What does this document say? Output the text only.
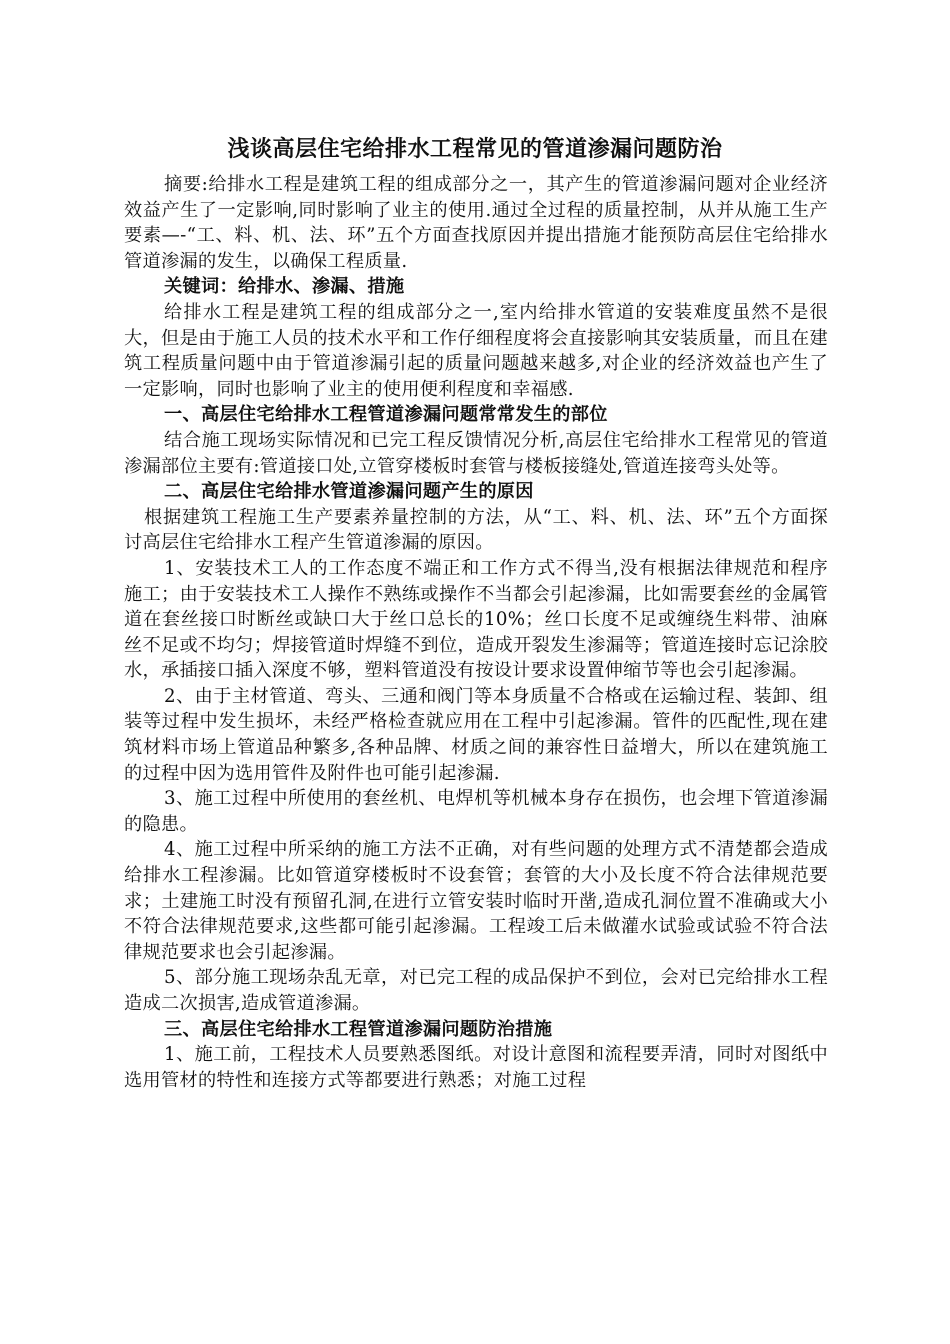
浅谈高层住宅给排水工程常见的管道渗漏问题防治

摘要:给排水工程是建筑工程的组成部分之一，其产生的管道渗漏问题对企业经济效益产生了一定影响,同时影响了业主的使用.通过全过程的质量控制，从并从施工生产要素—-“工、料、机、法、环”五个方面查找原因并提出措施才能预防高层住宅给排水管道渗漏的发生，以确保工程质量.

关键词：给排水、渗漏、措施

给排水工程是建筑工程的组成部分之一,室内给排水管道的安装难度虽然不是很大，但是由于施工人员的技术水平和工作仔细程度将会直接影响其安装质量，而且在建筑工程质量问题中由于管道渗漏引起的质量问题越来越多,对企业的经济效益也产生了一定影响，同时也影响了业主的使用便利程度和幸福感.

一、高层住宅给排水工程管道渗漏问题常常发生的部位

结合施工现场实际情况和已完工程反馈情况分析,高层住宅给排水工程常见的管道渗漏部位主要有:管道接口处,立管穿楼板时套管与楼板接缝处,管道连接弯头处等。

二、高层住宅给排水管道渗漏问题产生的原因

根据建筑工程施工生产要素养量控制的方法，从“工、料、机、法、环”五个方面探讨高层住宅给排水工程产生管道渗漏的原因。

1、安装技术工人的工作态度不端正和工作方式不得当,没有根据法律规范和程序施工；由于安装技术工人操作不熟练或操作不当都会引起渗漏，比如需要套丝的金属管道在套丝接口时断丝或缺口大于丝口总长的10%；丝口长度不足或缠绕生料带、油麻丝不足或不均匀；焊接管道时焊缝不到位，造成开裂发生渗漏等；管道连接时忘记涂胶水，承插接口插入深度不够，塑料管道没有按设计要求设置伸缩节等也会引起渗漏。

2、由于主材管道、弯头、三通和阀门等本身质量不合格或在运输过程、装卸、组装等过程中发生损坏，未经严格检查就应用在工程中引起渗漏。管件的匹配性,现在建筑材料市场上管道品种繁多,各种品牌、材质之间的兼容性日益增大，所以在建筑施工的过程中因为选用管件及附件也可能引起渗漏.

3、施工过程中所使用的套丝机、电焊机等机械本身存在损伤，也会埋下管道渗漏的隐患。

4、施工过程中所采纳的施工方法不正确，对有些问题的处理方式不清楚都会造成给排水工程渗漏。比如管道穿楼板时不设套管；套管的大小及长度不符合法律规范要求；土建施工时没有预留孔洞,在进行立管安装时临时开凿,造成孔洞位置不准确或大小不符合法律规范要求,这些都可能引起渗漏。工程竣工后未做灌水试验或试验不符合法律规范要求也会引起渗漏。

5、部分施工现场杂乱无章，对已完工程的成品保护不到位，会对已完给排水工程造成二次损害,造成管道渗漏。

三、高层住宅给排水工程管道渗漏问题防治措施

1、施工前，工程技术人员要熟悉图纸。对设计意图和流程要弄清，同时对图纸中选用管材的特性和连接方式等都要进行熟悉；对施工过程
